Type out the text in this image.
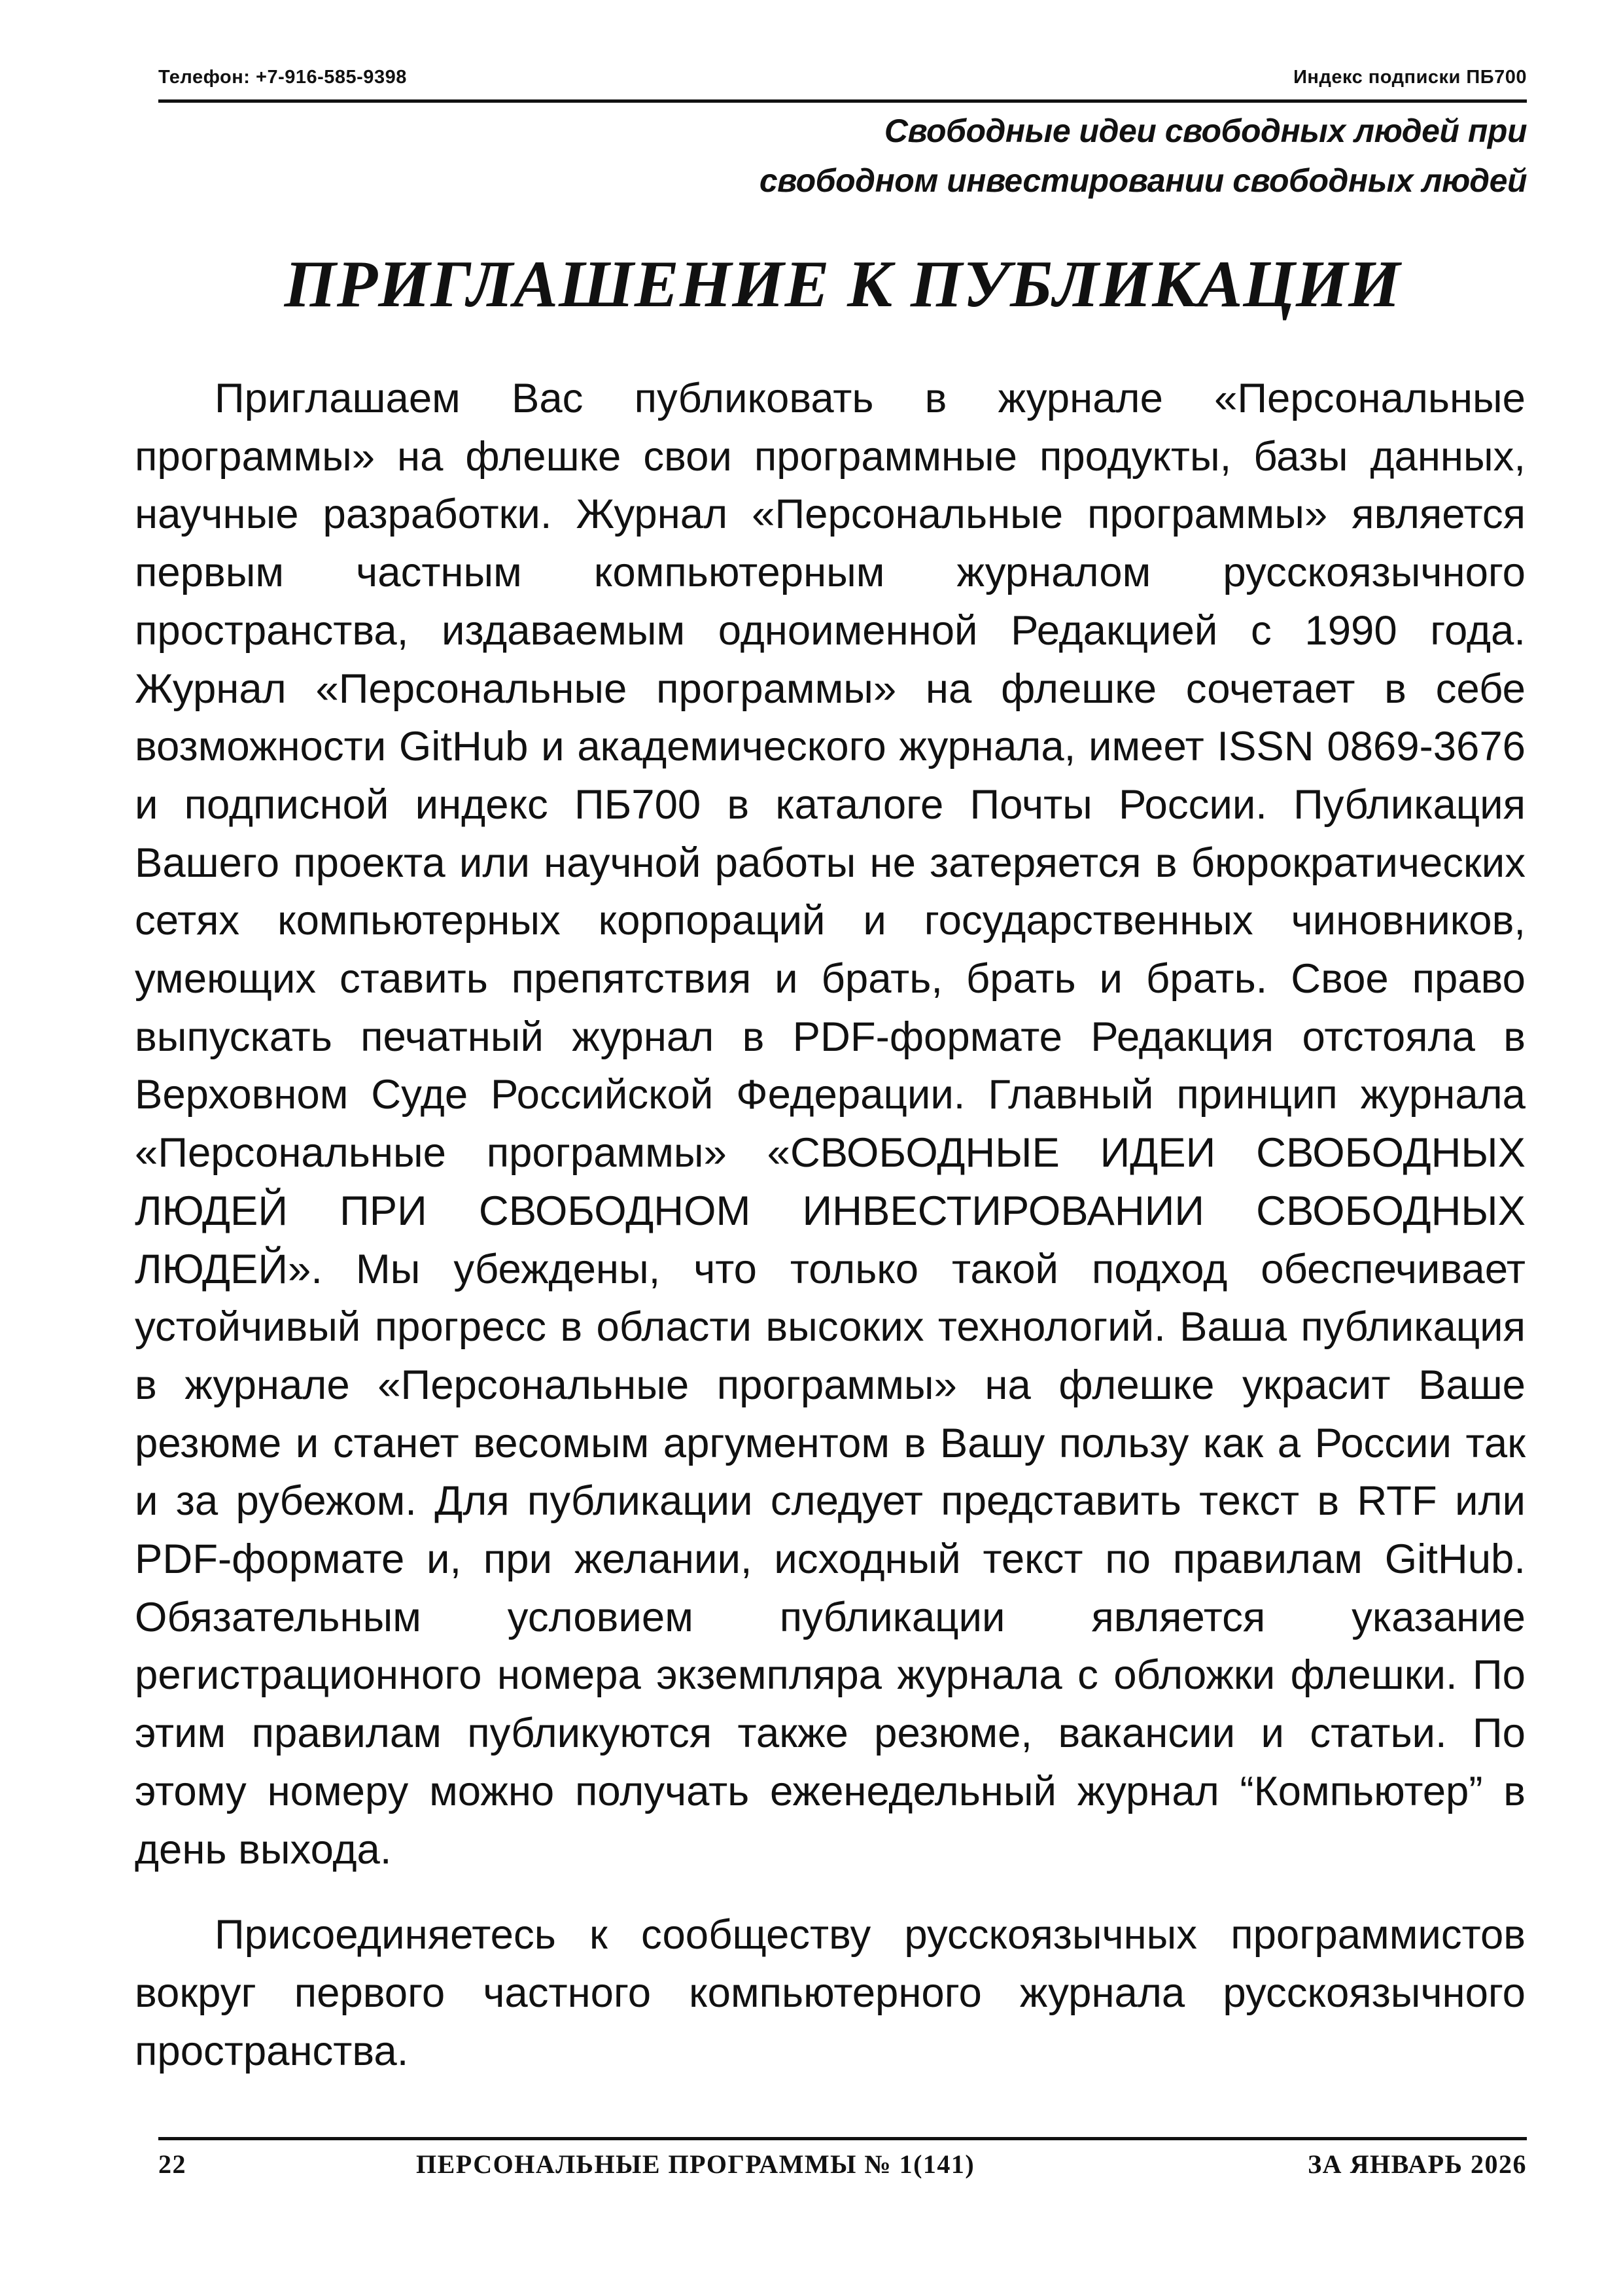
Телефон: +7-916-585-9398	Индекс подписки ПБ700
Свободные идеи свободных людей при
свободном инвестировании свободных людей
ПРИГЛАШЕНИЕ К ПУБЛИКАЦИИ

Приглашаем Вас публиковать в журнале «Персональные программы» на флешке свои программные продукты, базы данных, научные разработки. Журнал «Персональные программы» является первым частным компьютерным журналом русскоязычного пространства, издаваемым одноименной Редакцией с 1990 года. Журнал «Персональные программы» на флешке сочетает в себе возможности GitHub и академического журнала, имеет ISSN 0869-3676 и подписной индекс ПБ700 в каталоге Почты России. Публикация Вашего проекта или научной работы не затеряется в бюрократических сетях компьютерных корпораций и государственных чиновников, умеющих ставить препятствия и брать, брать и брать. Свое право выпускать печатный журнал в PDF-формате Редакция отстояла в Верховном Суде Российской Федерации. Главный принцип журнала «Персональные программы» «СВОБОДНЫЕ ИДЕИ СВОБОДНЫХ ЛЮДЕЙ ПРИ СВОБОДНОМ ИНВЕСТИРОВАНИИ СВОБОДНЫХ ЛЮДЕЙ». Мы убеждены, что только такой подход обеспечивает устойчивый прогресс в области высоких технологий. Ваша публикация в журнале «Персональные программы» на флешке украсит Ваше резюме и станет весомым аргументом в Вашу пользу как а России так и за рубежом. Для публикации следует представить текст в RTF или PDF-формате и, при желании, исходный текст по правилам GitHub. Обязательным условием публикации является указание регистрационного номера экземпляра журнала с обложки флешки. По этим правилам публикуются также резюме, вакансии и статьи. По этому номеру можно получать еженедельный журнал “Компьютер” в день выхода.

Присоединяетесь к сообществу русскоязычных программистов вокруг первого частного компьютерного журнала русскоязычного пространства.

22	ПЕРСОНАЛЬНЫЕ ПРОГРАММЫ № 1(141)	ЗА ЯНВАРЬ 2026
